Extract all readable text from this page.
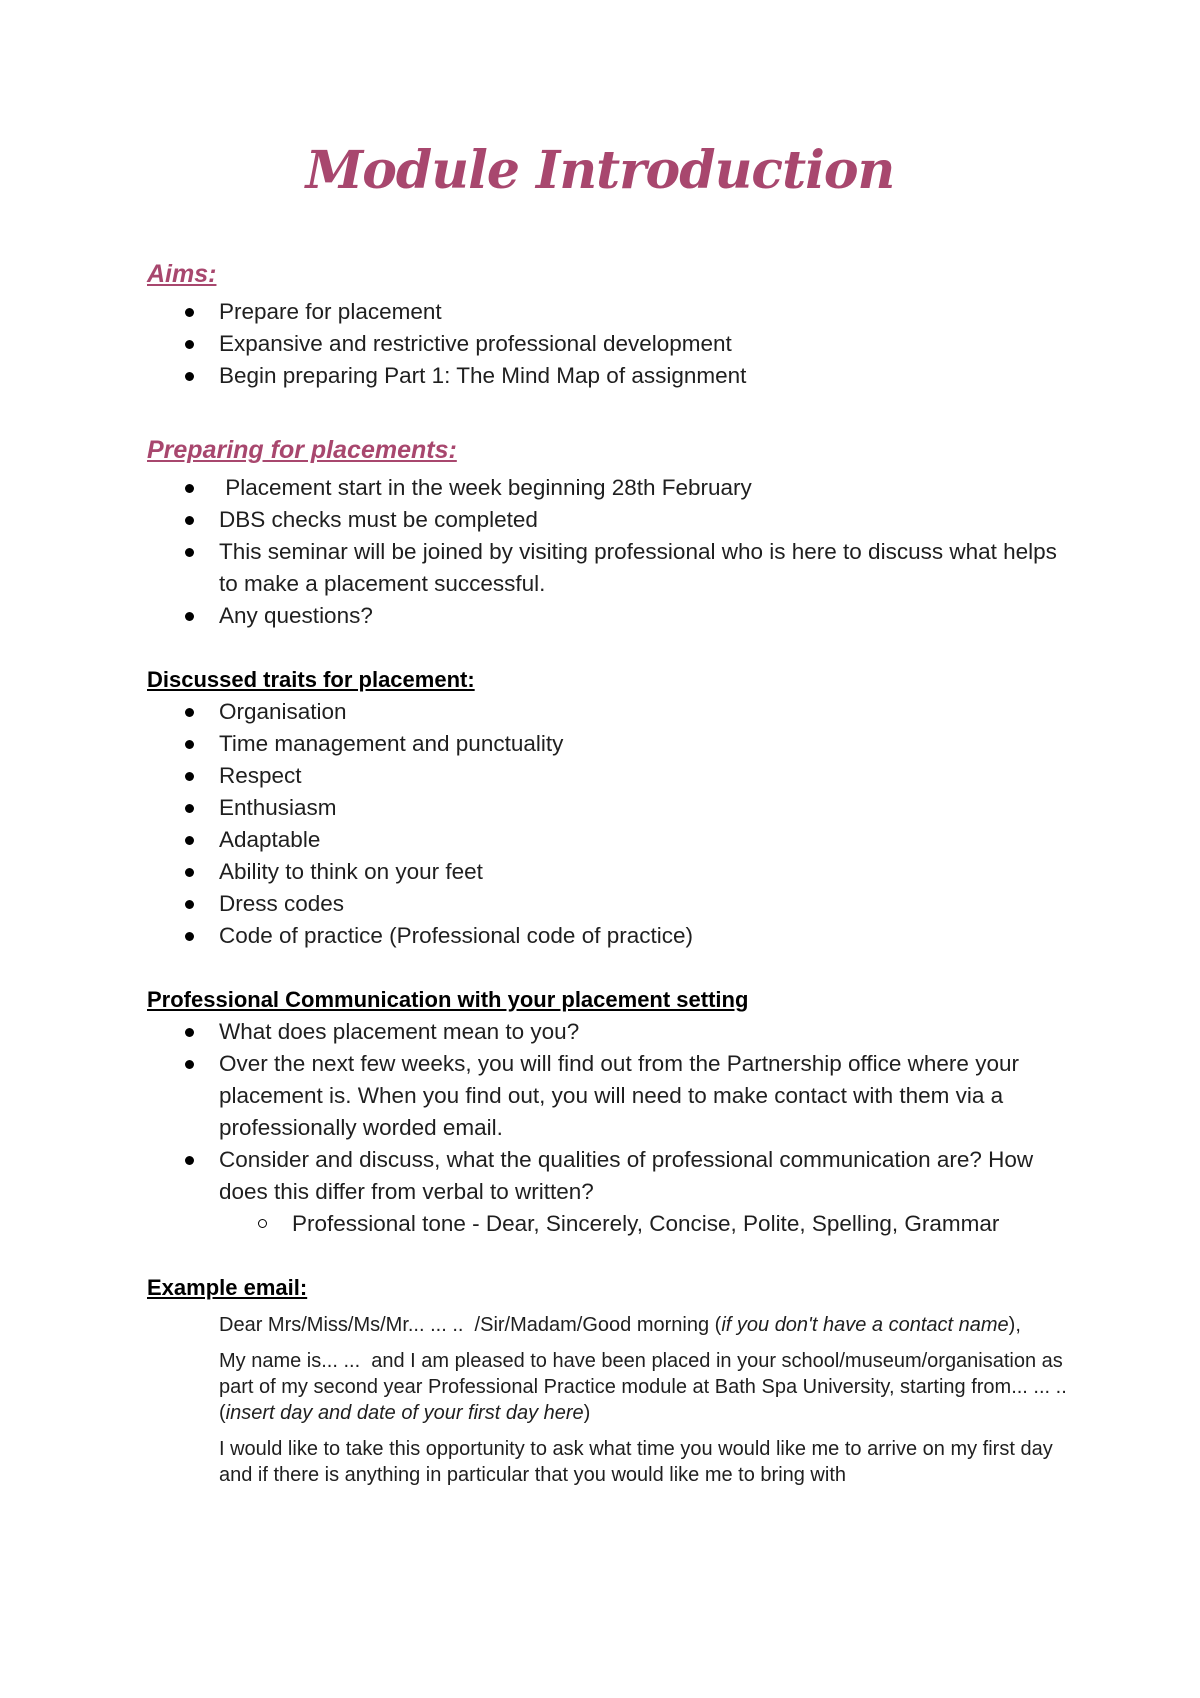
Module Introduction
Aims:
Prepare for placement
Expansive and restrictive professional development
Begin preparing Part 1: The Mind Map of assignment
Preparing for placements:
Placement start in the week beginning 28th February
DBS checks must be completed
This seminar will be joined by visiting professional who is here to discuss what helps to make a placement successful.
Any questions?
Discussed traits for placement:
Organisation
Time management and punctuality
Respect
Enthusiasm
Adaptable
Ability to think on your feet
Dress codes
Code of practice (Professional code of practice)
Professional Communication with your placement setting
What does placement mean to you?
Over the next few weeks, you will find out from the Partnership office where your placement is. When you find out, you will need to make contact with them via a professionally worded email.
Consider and discuss, what the qualities of professional communication are? How does this differ from verbal to written?
Professional tone - Dear, Sincerely, Concise, Polite, Spelling, Grammar
Example email:

Dear Mrs/Miss/Ms/Mr... ... ..  /Sir/Madam/Good morning (if you don't have a contact name),

My name is... ...  and I am pleased to have been placed in your school/museum/organisation as part of my second year Professional Practice module at Bath Spa University, starting from... ... .. (insert day and date of your first day here)

I would like to take this opportunity to ask what time you would like me to arrive on my first day and if there is anything in particular that you would like me to bring with
